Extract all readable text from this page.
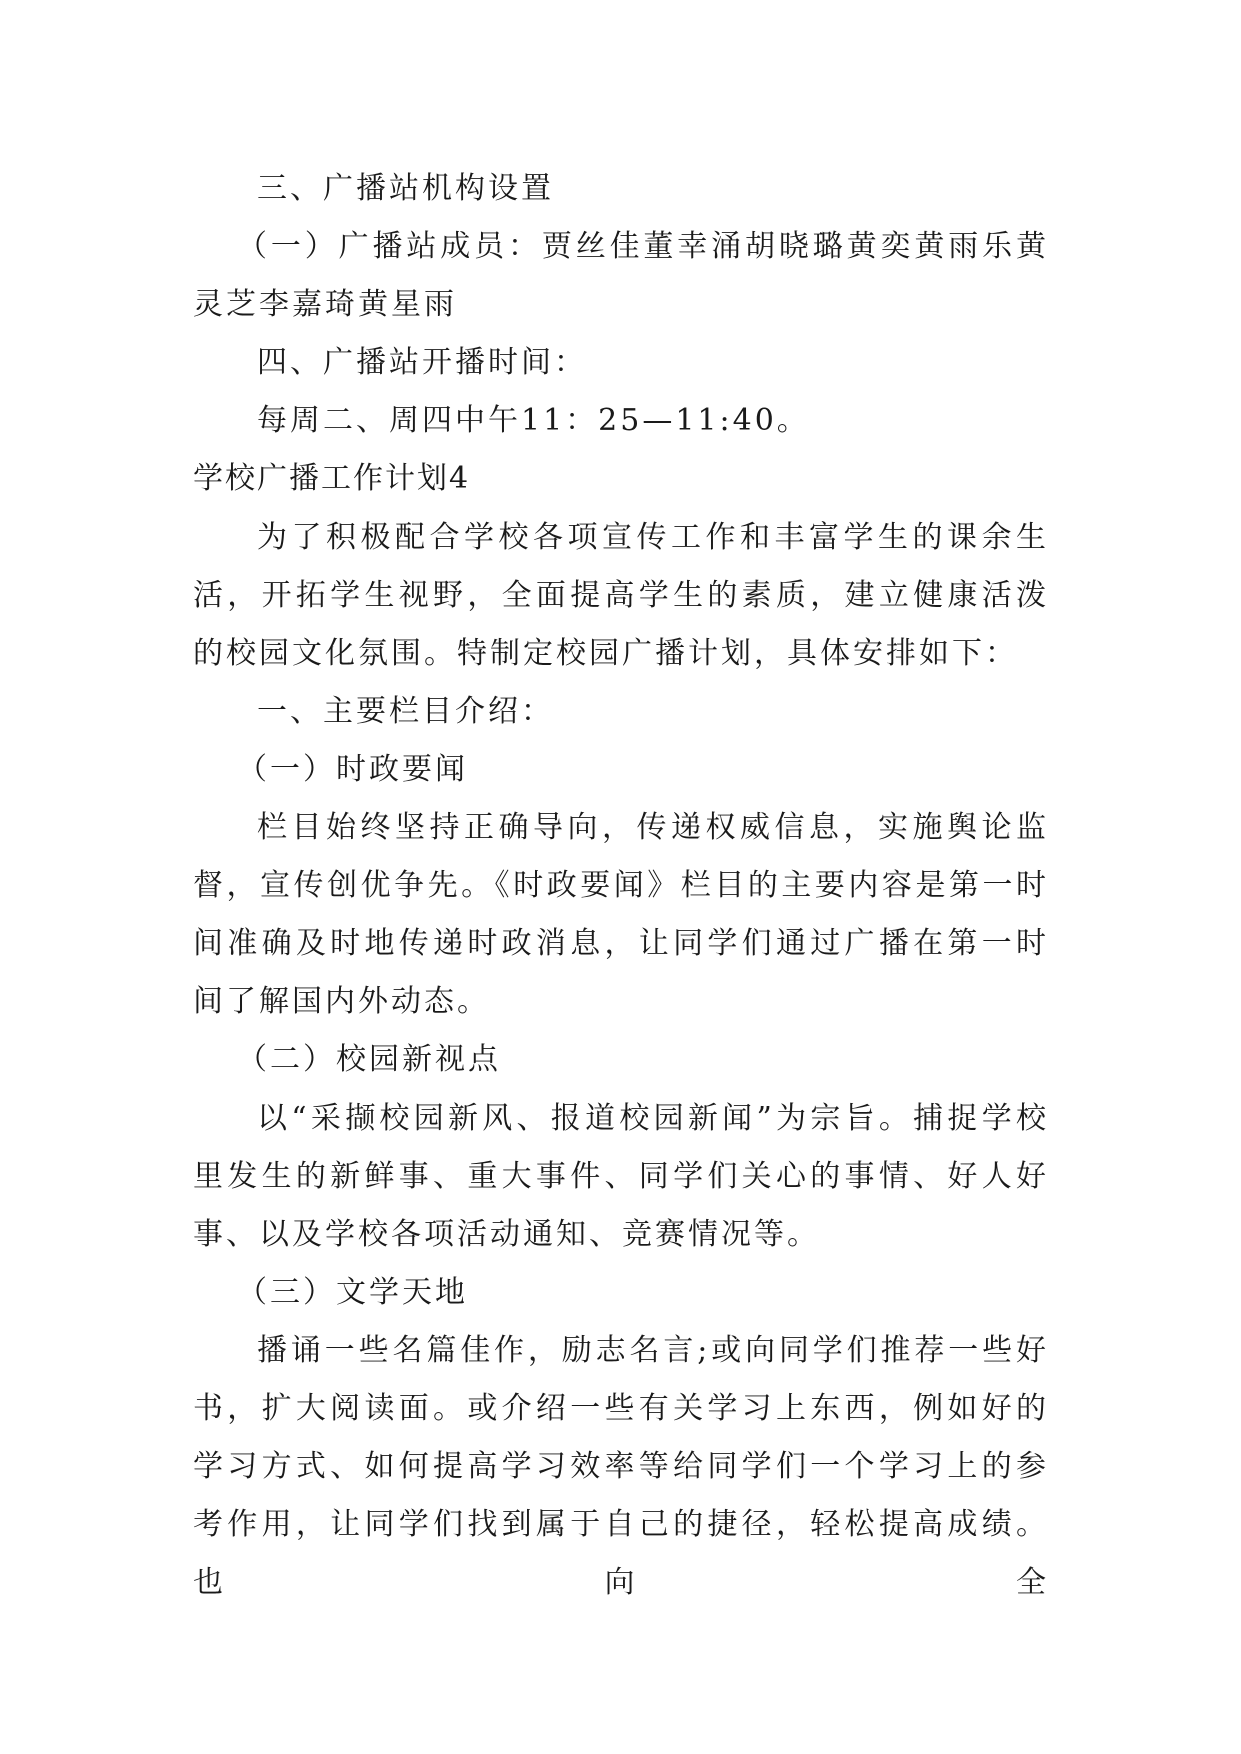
三、广播站机构设置

（一）广播站成员：贾丝佳董幸涌胡晓璐黄奕黄雨乐黄灵芝李嘉琦黄星雨

四、广播站开播时间：

每周二、周四中午11：25—11:40。

学校广播工作计划4

为了积极配合学校各项宣传工作和丰富学生的课余生活，开拓学生视野，全面提高学生的素质，建立健康活泼的校园文化氛围。特制定校园广播计划，具体安排如下：

一、主要栏目介绍：

（一）时政要闻

栏目始终坚持正确导向，传递权威信息，实施舆论监督，宣传创优争先。《时政要闻》栏目的主要内容是第一时间准确及时地传递时政消息，让同学们通过广播在第一时间了解国内外动态。

（二）校园新视点

以“采撷校园新风、报道校园新闻”为宗旨。捕捉学校里发生的新鲜事、重大事件、同学们关心的事情、好人好事、以及学校各项活动通知、竞赛情况等。

（三）文学天地

播诵一些名篇佳作，励志名言;或向同学们推荐一些好书，扩大阅读面。或介绍一些有关学习上东西，例如好的学习方式、如何提高学习效率等给同学们一个学习上的参考作用，让同学们找到属于自己的捷径，轻松提高成绩。也向全
